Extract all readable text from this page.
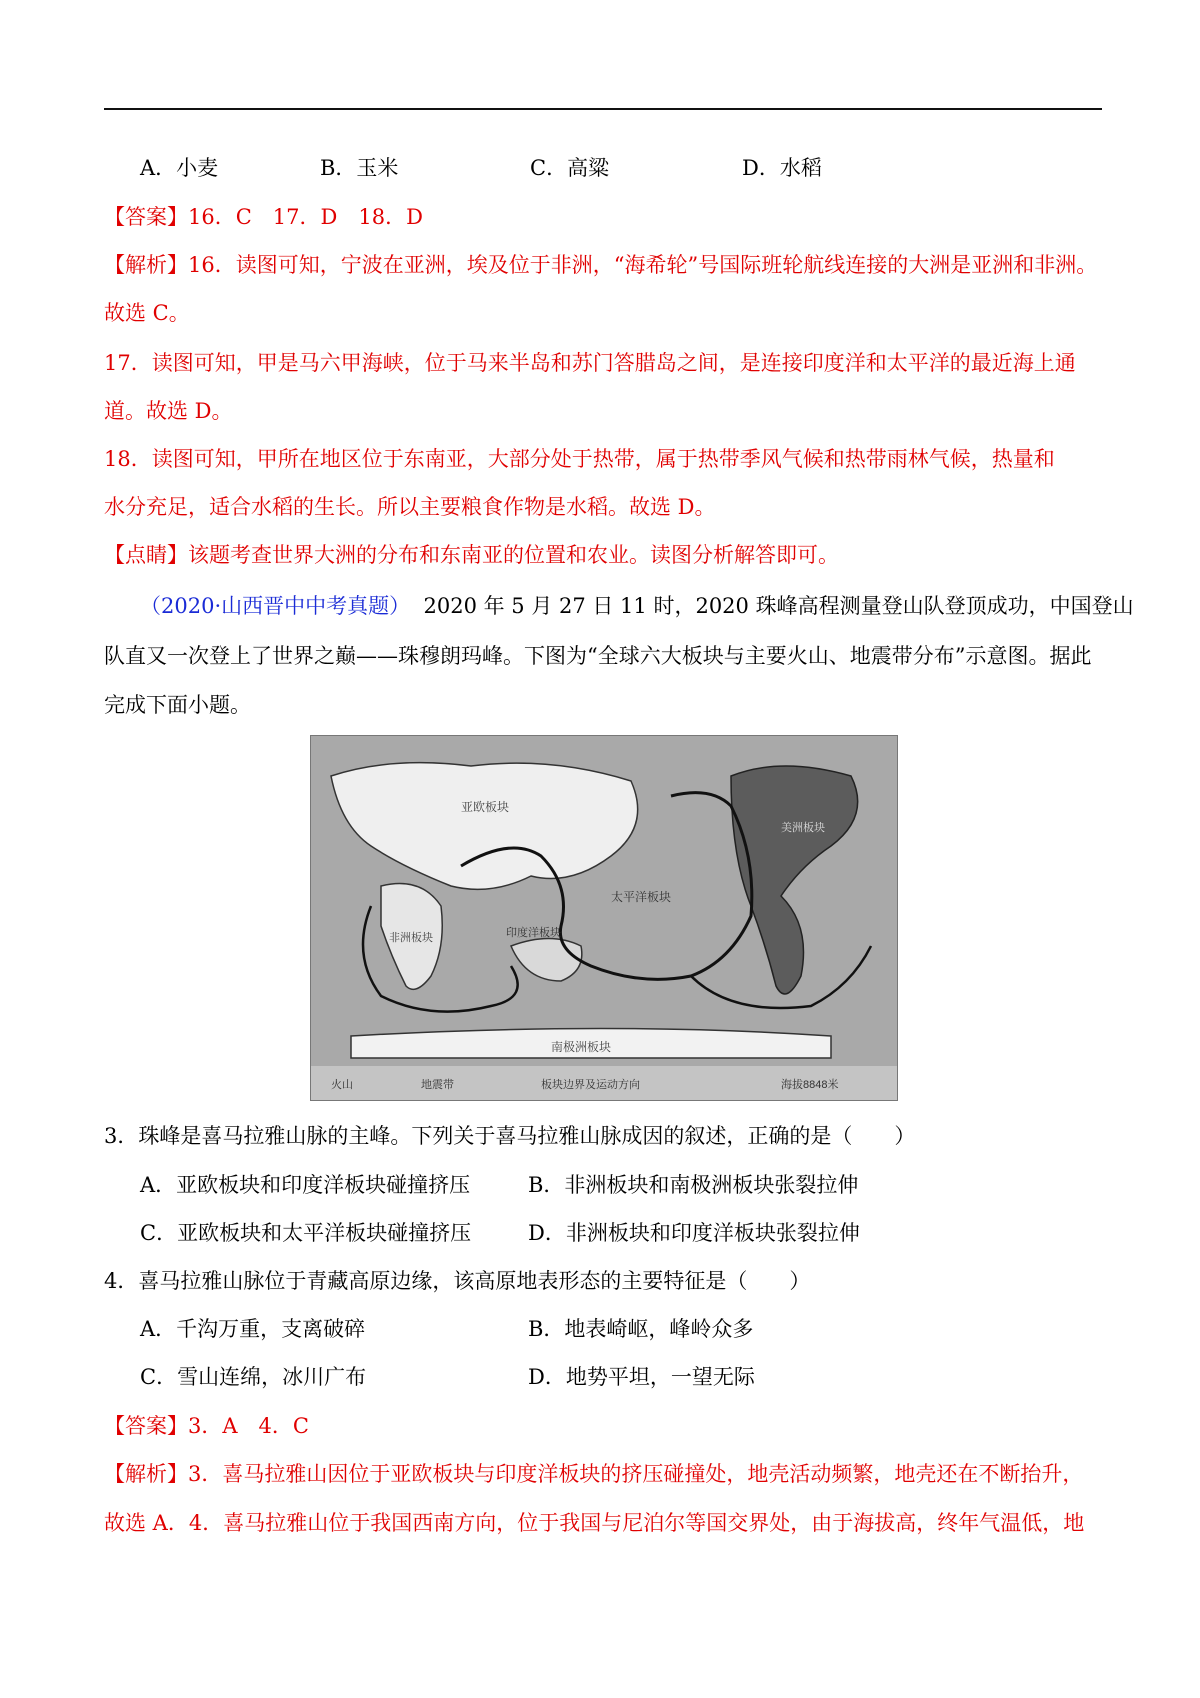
A．小麦	B．玉米	C．高粱	D．水稻
【答案】16．C　17．D　18．D
【解析】16．读图可知，宁波在亚洲，埃及位于非洲，“海希轮”号国际班轮航线连接的大洲是亚洲和非洲。
故选 C。
17．读图可知，甲是马六甲海峡，位于马来半岛和苏门答腊岛之间，是连接印度洋和太平洋的最近海上通
道。故选 D。
18．读图可知，甲所在地区位于东南亚，大部分处于热带，属于热带季风气候和热带雨林气候，热量和
水分充足，适合水稻的生长。所以主要粮食作物是水稻。故选 D。
【点睛】该题考查世界大洲的分布和东南亚的位置和农业。读图分析解答即可。
（2020·山西晋中中考真题） 2020 年 5 月 27 日 11 时，2020 珠峰高程测量登山队登顶成功，中国登山
队直又一次登上了世界之巅——珠穆朗玛峰。下图为“全球六大板块与主要火山、地震带分布”示意图。据此
完成下面小题。
亚欧板块
非洲板块
太平洋板块
印度洋板块
美洲板块
南极洲板块
火山	地震带	板块边界及运动方向	海拔8848米
3．珠峰是喜马拉雅山脉的主峰。下列关于喜马拉雅山脉成因的叙述，正确的是（　　）
A．亚欧板块和印度洋板块碰撞挤压	B．非洲板块和南极洲板块张裂拉伸
C．亚欧板块和太平洋板块碰撞挤压	D．非洲板块和印度洋板块张裂拉伸
4．喜马拉雅山脉位于青藏高原边缘，该高原地表形态的主要特征是（　　）
A．千沟万重，支离破碎	B．地表崎岖，峰岭众多
C．雪山连绵，冰川广布	D．地势平坦，一望无际
【答案】3．A　4．C
【解析】3．喜马拉雅山因位于亚欧板块与印度洋板块的挤压碰撞处，地壳活动频繁，地壳还在不断抬升，
故选 A．4．喜马拉雅山位于我国西南方向，位于我国与尼泊尔等国交界处，由于海拔高，终年气温低，地
